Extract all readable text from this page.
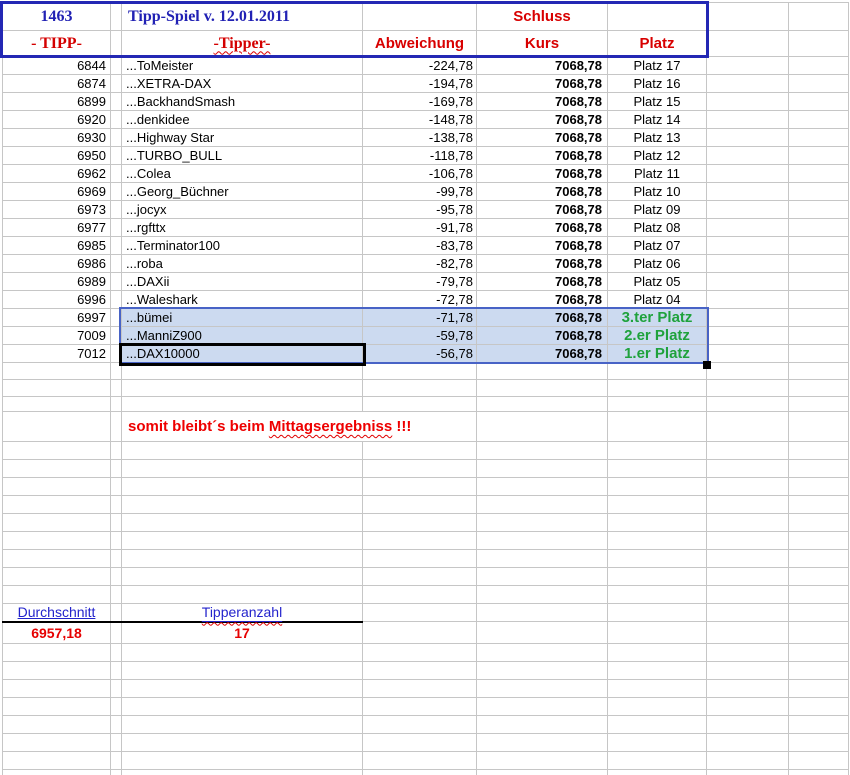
1463		Tipp-Spiel v. 12.01.2011		Schluss			
- TIPP-		-Tipper-	Abweichung	Kurs	Platz		
6844		...ToMeister	-224,78	7068,78	Platz 17		
6874		...XETRA-DAX	-194,78	7068,78	Platz 16		
6899		...BackhandSmash	-169,78	7068,78	Platz 15		
6920		...denkidee	-148,78	7068,78	Platz 14		
6930		...Highway Star	-138,78	7068,78	Platz 13		
6950		...TURBO_BULL	-118,78	7068,78	Platz 12		
6962		...Colea	-106,78	7068,78	Platz 11		
6969		...Georg_Büchner	-99,78	7068,78	Platz 10		
6973		...jocyx	-95,78	7068,78	Platz 09		
6977		...rgfttx	-91,78	7068,78	Platz 08		
6985		...Terminator100	-83,78	7068,78	Platz 07		
6986		...roba	-82,78	7068,78	Platz 06		
6989		...DAXii	-79,78	7068,78	Platz 05		
6996		...Waleshark	-72,78	7068,78	Platz 04		
6997		...bümei	-71,78	7068,78	3.ter Platz		
7009		...ManniZ900	-59,78	7068,78	2.er Platz		
7012		...DAX10000	-56,78	7068,78	1.er Platz		

		somit bleibt´s beim Mittagsergebniss !!!					

Durchschnitt		Tipperanzahl					
6957,18		17					
